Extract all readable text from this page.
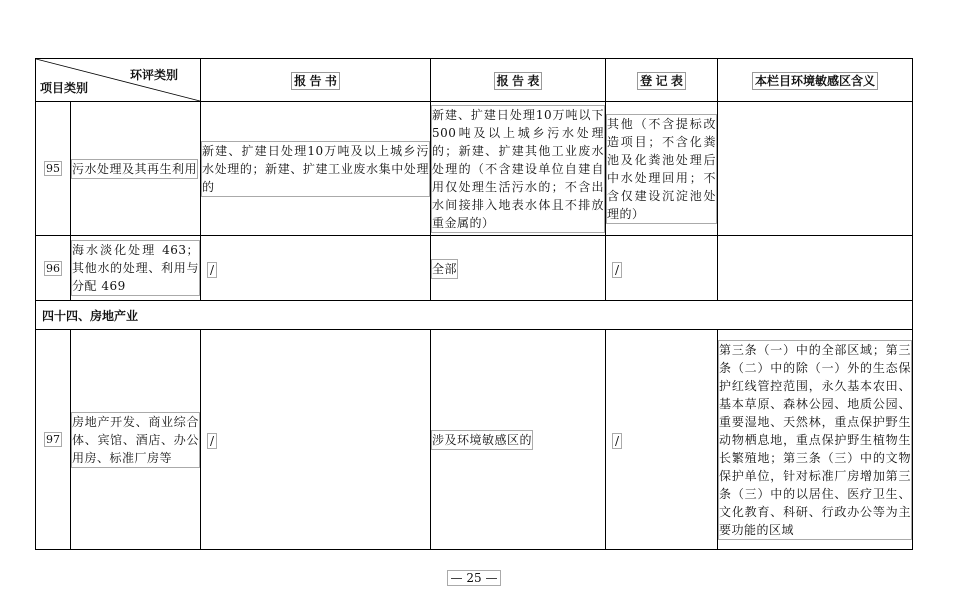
环评类别
项目类别		报 告 书	报 告 表	登 记 表	本栏目环境敏感区含义
95	污水处理及其再生利用	新建、扩建日处理10万吨及以上城乡污水处理的；新建、扩建工业废水集中处理的	新建、扩建日处理10万吨以下500吨及以上城乡污水处理的；新建、扩建其他工业废水处理的（不含建设单位自建自用仅处理生活污水的；不含出水间接排入地表水体且不排放重金属的）	其他（不含提标改造项目；不含化粪池及化粪池处理后中水处理回用；不含仅建设沉淀池处理的）	
96	海水淡化处理 463；其他水的处理、利用与分配 469	/	全部	/	
四十四、房地产业					
97	房地产开发、商业综合体、宾馆、酒店、办公用房、标准厂房等	/	涉及环境敏感区的	/	第三条（一）中的全部区域；第三条（二）中的除（一）外的生态保护红线管控范围，永久基本农田、基本草原、森林公园、地质公园、重要湿地、天然林，重点保护野生动物栖息地，重点保护野生植物生长繁殖地；第三条（三）中的文物保护单位，针对标准厂房增加第三条（三）中的以居住、医疗卫生、文化教育、科研、行政办公等为主要功能的区域
— 25 —
